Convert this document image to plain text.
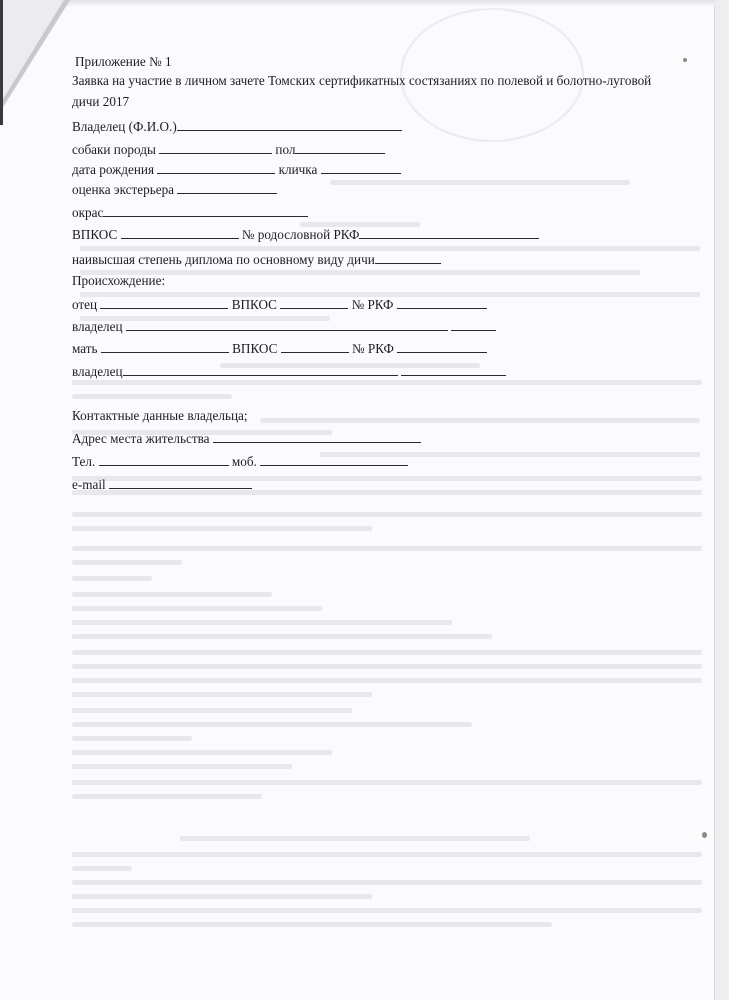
Приложение № 1
Заявка на участие в личном зачете Томских сертификатных состязаниях по полевой и болотно-луговой
дичи 2017
Владелец (Ф.И.О.)
собаки породы	пол
дата рождения	кличка
оценка экстерьера
окрас
ВПКОС	№ родословной РКФ
наивысшая степень диплома по основному виду дичи
Происхождение:
отец	ВПКОС	№ РКФ
владелец
мать	ВПКОС	№ РКФ
владелец
Контактные данные владельца;
Адрес места жительства
Тел.	моб.
e-mail
